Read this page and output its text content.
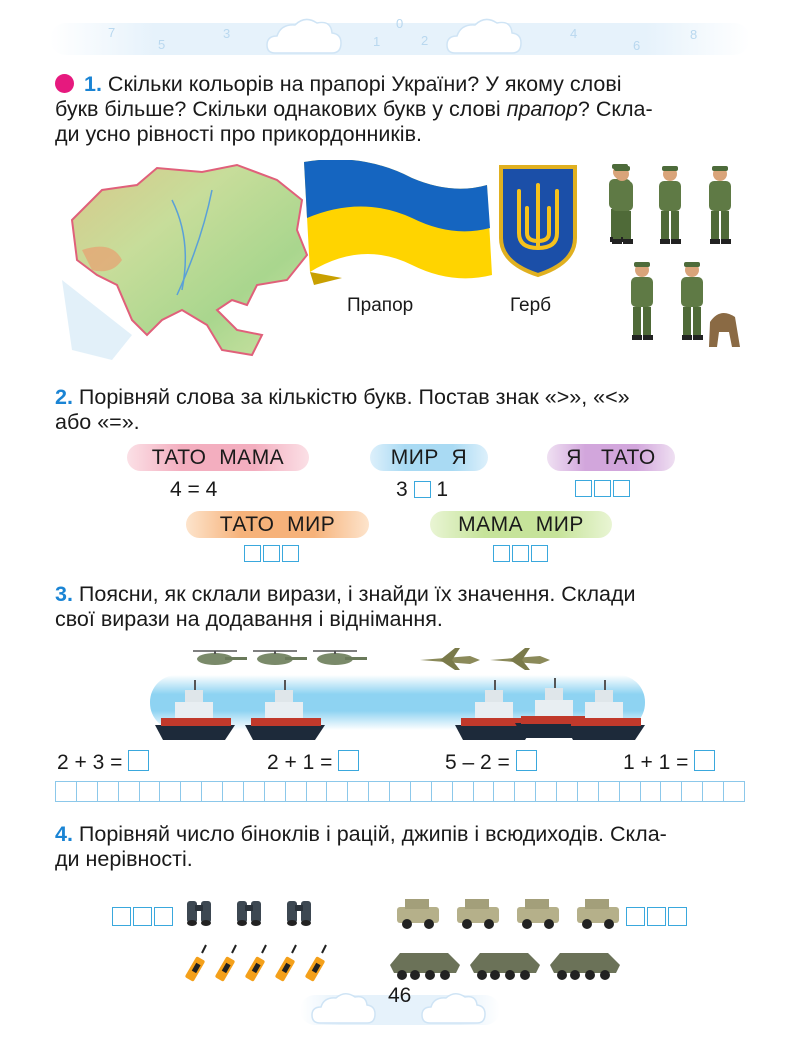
7
5
3
1
0
2	4
6
8
1. Скільки кольорів на прапорі України? У якому слові
букв більше? Скільки однакових букв у слові прапор? Скла-
ди усно рівності про прикордонників.
Прапор	Герб
2. Порівняй слова за кількістю букв. Постав знак «>», «<»
або «=».
ТАТО МАМА	МИР Я	Я ТАТО
4 = 4	3 1
ТАТО МИР	МАМА МИР
3. Поясни, як склали вирази, і знайди їх значення. Склади
свої вирази на додавання і віднімання.
2 + 3 =	2 + 1 =	5 – 2 =	1 + 1 =
4. Порівняй число біноклів і рацій, джипів і всюдиходів. Скла-
ди нерівності.
46
